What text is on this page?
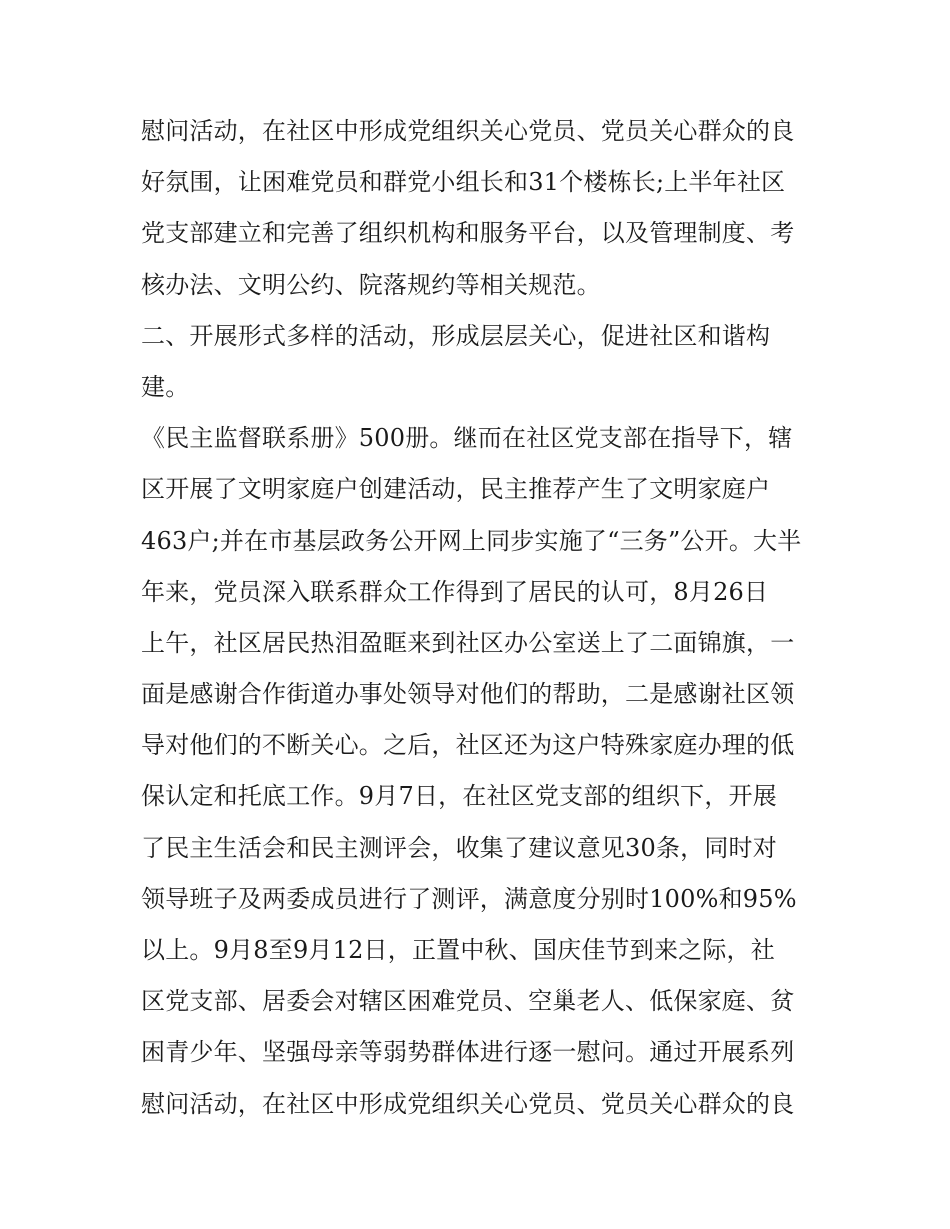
慰问活动，在社区中形成党组织关心党员、党员关心群众的良
好氛围，让困难党员和群党小组长和31个楼栋长;上半年社区
党支部建立和完善了组织机构和服务平台，以及管理制度、考
核办法、文明公约、院落规约等相关规范。
二、开展形式多样的活动，形成层层关心，促进社区和谐构
建。
《民主监督联系册》500册。继而在社区党支部在指导下，辖
区开展了文明家庭户创建活动，民主推荐产生了文明家庭户
463户;并在市基层政务公开网上同步实施了“三务”公开。大半
年来，党员深入联系群众工作得到了居民的认可，8月26日
上午，社区居民热泪盈眶来到社区办公室送上了二面锦旗，一
面是感谢合作街道办事处领导对他们的帮助，二是感谢社区领
导对他们的不断关心。之后，社区还为这户特殊家庭办理的低
保认定和托底工作。9月7日，在社区党支部的组织下，开展
了民主生活会和民主测评会，收集了建议意见30条，同时对
领导班子及两委成员进行了测评，满意度分别时100%和95%
以上。9月8至9月12日，正置中秋、国庆佳节到来之际，社
区党支部、居委会对辖区困难党员、空巢老人、低保家庭、贫
困青少年、坚强母亲等弱势群体进行逐一慰问。通过开展系列
慰问活动，在社区中形成党组织关心党员、党员关心群众的良
